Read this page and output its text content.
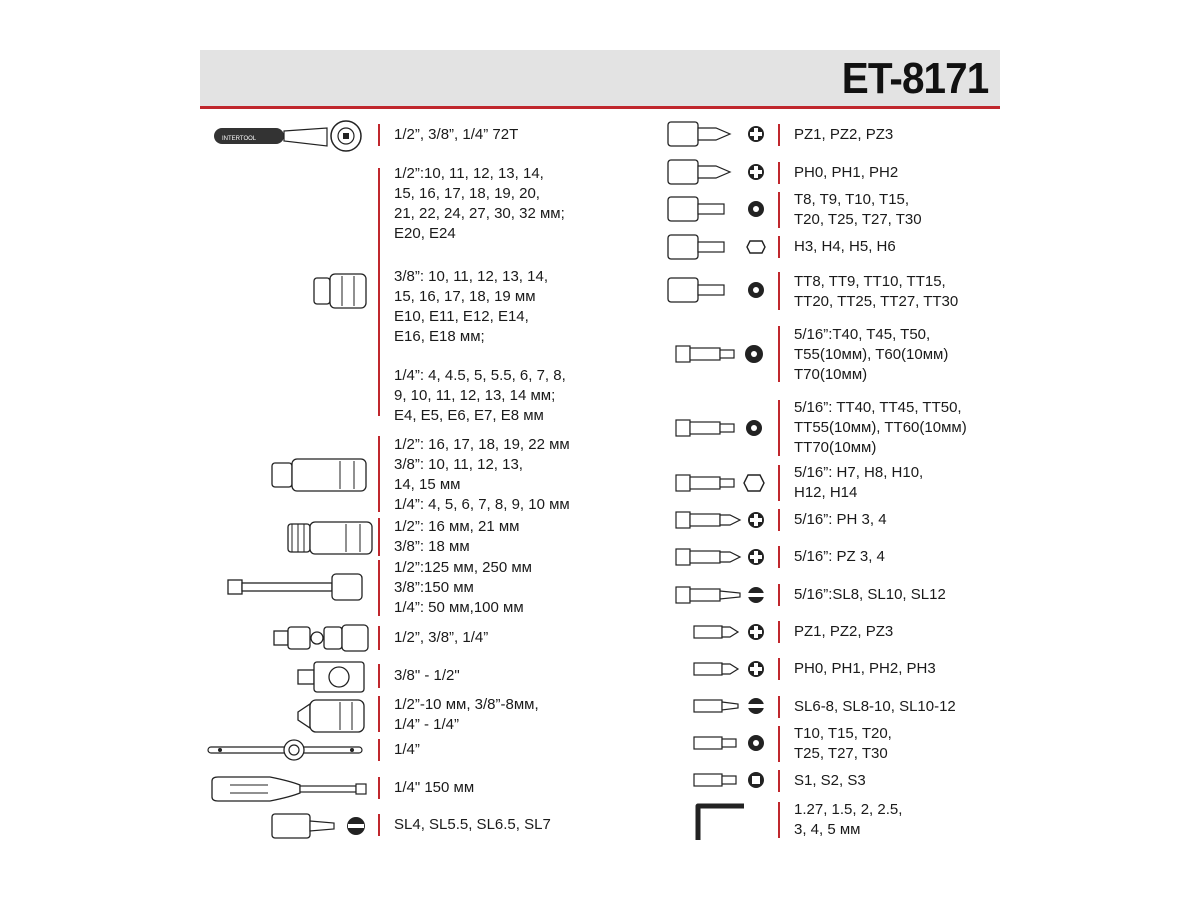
ET-8171
INTERTOOL	1/2”, 3/8”, 1/4” 72T
1/2”:10, 11, 12, 13, 14,
15, 16, 17, 18, 19, 20,
21, 22, 24, 27, 30, 32 мм;
E20, E24
3/8”: 10, 11, 12, 13, 14,
15, 16, 17, 18, 19 мм
E10, E11, E12, E14,
E16, E18 мм;
1/4”: 4, 4.5, 5, 5.5, 6, 7, 8,
9, 10, 11, 12, 13, 14 мм;
E4, E5, E6, E7, E8 мм
1/2”: 16, 17, 18, 19, 22 мм
3/8”: 10, 11, 12, 13,
14, 15 мм
1/4”: 4, 5, 6, 7, 8, 9, 10 мм
1/2”: 16 мм, 21 мм
3/8”: 18 мм
1/2”:125 мм, 250 мм
3/8”:150 мм
1/4”: 50 мм,100 мм
1/2”, 3/8”, 1/4”
3/8" - 1/2"
1/2”-10 мм, 3/8”-8мм,
1/4” - 1/4”
1/4”
1/4" 150 мм
SL4, SL5.5, SL6.5, SL7
PZ1, PZ2, PZ3
PH0, PH1, PH2
T8, T9, T10, T15,
T20, T25, T27, T30
H3, H4, H5, H6
TT8, TT9, TT10, TT15,
TT20, TT25, TT27, TT30
5/16”:T40, T45, T50,
T55(10мм), T60(10мм)
T70(10мм)
5/16”: TT40, TT45, TT50,
TT55(10мм), TT60(10мм)
TT70(10мм)
5/16”: H7, H8, H10,
H12, H14
5/16”: PH 3, 4
5/16”: PZ 3, 4
5/16”:SL8, SL10, SL12
PZ1, PZ2, PZ3
PH0, PH1, PH2, PH3
SL6-8, SL8-10, SL10-12
T10, T15, T20,
T25, T27, T30
S1, S2, S3
1.27, 1.5, 2, 2.5,
3, 4, 5 мм
